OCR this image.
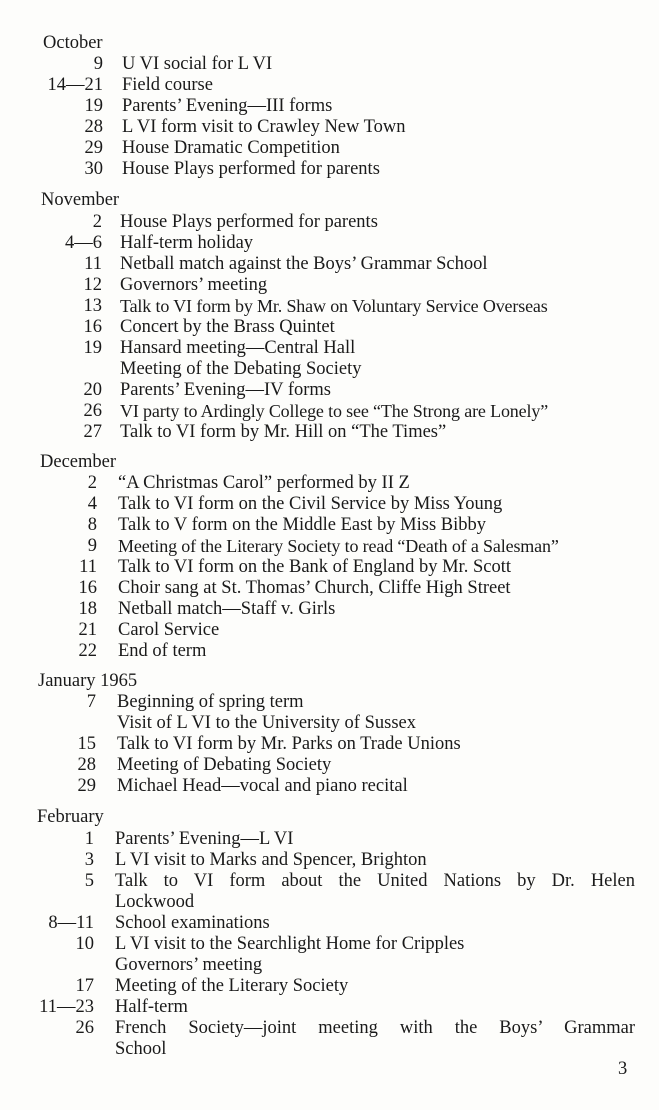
October
9 U VI social for L VI
14—21 Field course
19 Parents’ Evening—III forms
28 L VI form visit to Crawley New Town
29 House Dramatic Competition
30 House Plays performed for parents
November
2 House Plays performed for parents
4—6 Half-term holiday
11 Netball match against the Boys’ Grammar School
12 Governors’ meeting
13 Talk to VI form by Mr. Shaw on Voluntary Service Overseas
16 Concert by the Brass Quintet
19 Hansard meeting—Central Hall
Meeting of the Debating Society
20 Parents’ Evening—IV forms
26 VI party to Ardingly College to see “The Strong are Lonely”
27 Talk to VI form by Mr. Hill on “The Times”
December
2 “A Christmas Carol” performed by II Z
4 Talk to VI form on the Civil Service by Miss Young
8 Talk to V form on the Middle East by Miss Bibby
9 Meeting of the Literary Society to read “Death of a Salesman”
11 Talk to VI form on the Bank of England by Mr. Scott
16 Choir sang at St. Thomas’ Church, Cliffe High Street
18 Netball match—Staff v. Girls
21 Carol Service
22 End of term
January 1965
7 Beginning of spring term
Visit of L VI to the University of Sussex
15 Talk to VI form by Mr. Parks on Trade Unions
28 Meeting of Debating Society
29 Michael Head—vocal and piano recital
February
1 Parents’ Evening—L VI
3 L VI visit to Marks and Spencer, Brighton
5 Talk to VI form about the United Nations by Dr. Helen
Lockwood
8—11 School examinations
10 L VI visit to the Searchlight Home for Cripples
Governors’ meeting
17 Meeting of the Literary Society
11—23 Half-term
26 French Society—joint meeting with the Boys’ Grammar
School
3
